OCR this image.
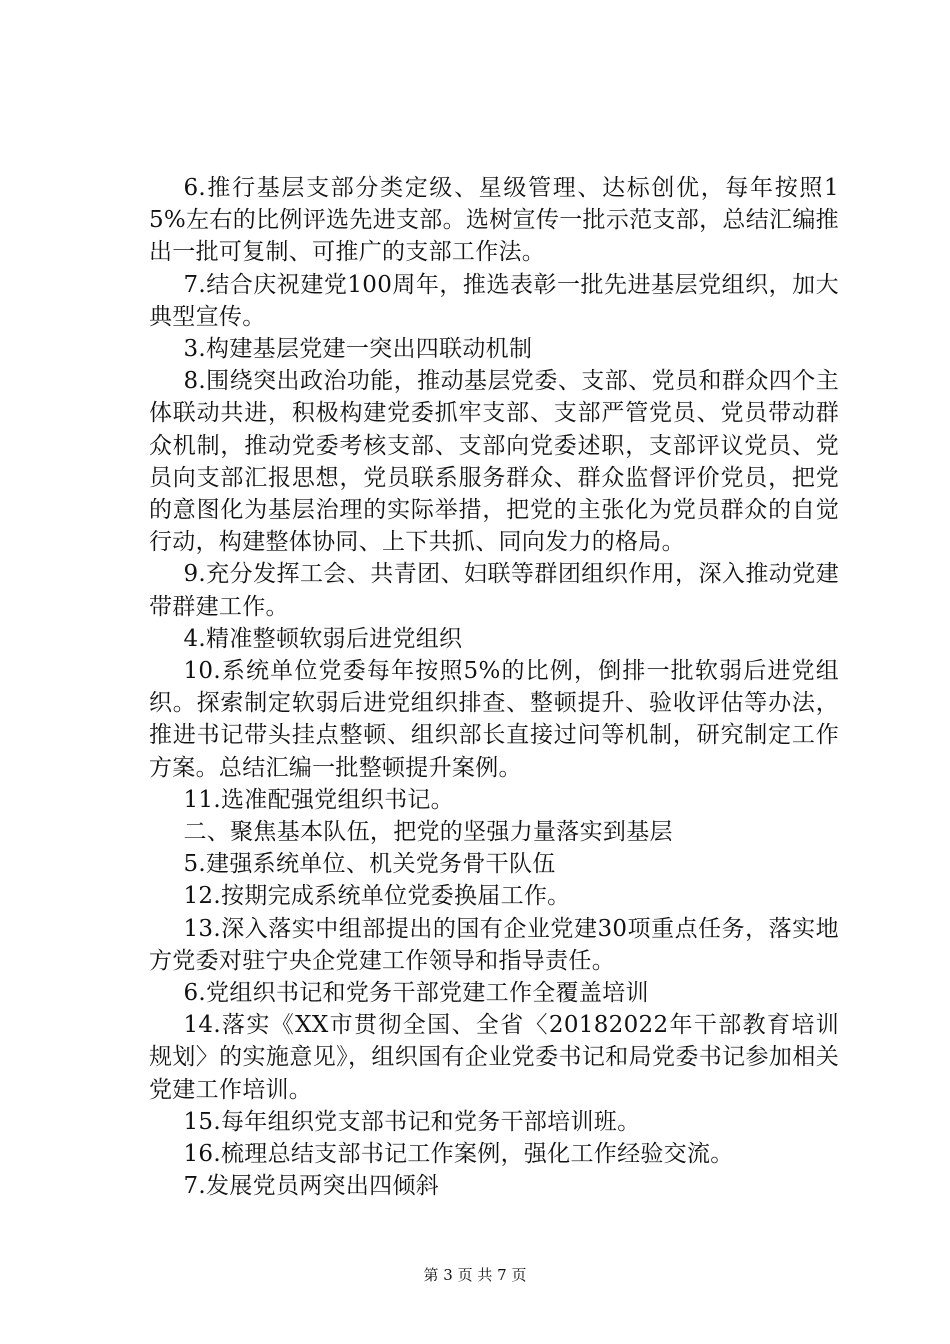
6.推行基层支部分类定级、星级管理、达标创优，每年按照15%左右的比例评选先进支部。选树宣传一批示范支部，总结汇编推出一批可复制、可推广的支部工作法。

7.结合庆祝建党100周年，推选表彰一批先进基层党组织，加大典型宣传。

3.构建基层党建一突出四联动机制

8.围绕突出政治功能，推动基层党委、支部、党员和群众四个主体联动共进，积极构建党委抓牢支部、支部严管党员、党员带动群众机制，推动党委考核支部、支部向党委述职，支部评议党员、党员向支部汇报思想，党员联系服务群众、群众监督评价党员，把党的意图化为基层治理的实际举措，把党的主张化为党员群众的自觉行动，构建整体协同、上下共抓、同向发力的格局。

9.充分发挥工会、共青团、妇联等群团组织作用，深入推动党建带群建工作。

4.精准整顿软弱后进党组织

10.系统单位党委每年按照5%的比例，倒排一批软弱后进党组织。探索制定软弱后进党组织排查、整顿提升、验收评估等办法，推进书记带头挂点整顿、组织部长直接过问等机制，研究制定工作方案。总结汇编一批整顿提升案例。

11.选准配强党组织书记。

二、聚焦基本队伍，把党的坚强力量落实到基层

5.建强系统单位、机关党务骨干队伍

12.按期完成系统单位党委换届工作。

13.深入落实中组部提出的国有企业党建30项重点任务，落实地方党委对驻宁央企党建工作领导和指导责任。

6.党组织书记和党务干部党建工作全覆盖培训

14.落实《XX市贯彻全国、全省〈20182022年干部教育培训规划〉的实施意见》，组织国有企业党委书记和局党委书记参加相关党建工作培训。

15.每年组织党支部书记和党务干部培训班。

16.梳理总结支部书记工作案例，强化工作经验交流。

7.发展党员两突出四倾斜

第 3 页 共 7 页
